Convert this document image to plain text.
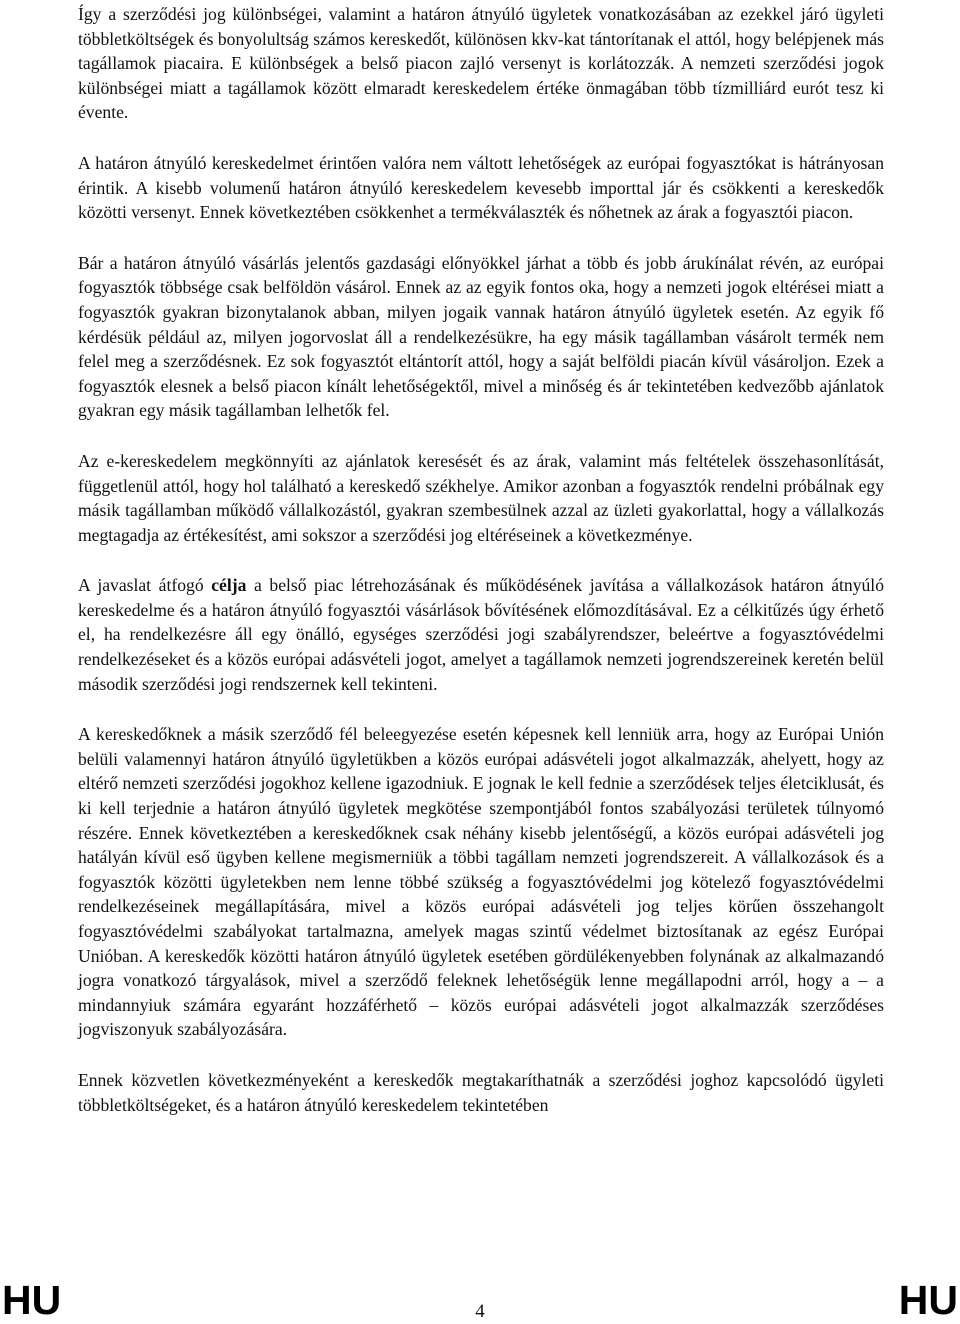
Így a szerződési jog különbségei, valamint a határon átnyúló ügyletek vonatkozásában az ezekkel járó ügyleti többletköltségek és bonyolultság számos kereskedőt, különösen kkv-kat tántorítanak el attól, hogy belépjenek más tagállamok piacaira. E különbségek a belső piacon zajló versenyt is korlátozzák. A nemzeti szerződési jogok különbségei miatt a tagállamok között elmaradt kereskedelem értéke önmagában több tízmilliárd eurót tesz ki évente.

A határon átnyúló kereskedelmet érintően valóra nem váltott lehetőségek az európai fogyasztókat is hátrányosan érintik. A kisebb volumenű határon átnyúló kereskedelem kevesebb importtal jár és csökkenti a kereskedők közötti versenyt. Ennek következtében csökkenhet a termékválaszték és nőhetnek az árak a fogyasztói piacon.

Bár a határon átnyúló vásárlás jelentős gazdasági előnyökkel járhat a több és jobb árukínálat révén, az európai fogyasztók többsége csak belföldön vásárol. Ennek az az egyik fontos oka, hogy a nemzeti jogok eltérései miatt a fogyasztók gyakran bizonytalanok abban, milyen jogaik vannak határon átnyúló ügyletek esetén. Az egyik fő kérdésük például az, milyen jogorvoslat áll a rendelkezésükre, ha egy másik tagállamban vásárolt termék nem felel meg a szerződésnek. Ez sok fogyasztót eltántorít attól, hogy a saját belföldi piacán kívül vásároljon. Ezek a fogyasztók elesnek a belső piacon kínált lehetőségektől, mivel a minőség és ár tekintetében kedvezőbb ajánlatok gyakran egy másik tagállamban lelhetők fel.

Az e-kereskedelem megkönnyíti az ajánlatok keresését és az árak, valamint más feltételek összehasonlítását, függetlenül attól, hogy hol található a kereskedő székhelye. Amikor azonban a fogyasztók rendelni próbálnak egy másik tagállamban működő vállalkozástól, gyakran szembesülnek azzal az üzleti gyakorlattal, hogy a vállalkozás megtagadja az értékesítést, ami sokszor a szerződési jog eltéréseinek a következménye.

A javaslat átfogó célja a belső piac létrehozásának és működésének javítása a vállalkozások határon átnyúló kereskedelme és a határon átnyúló fogyasztói vásárlások bővítésének előmozdításával. Ez a célkitűzés úgy érhető el, ha rendelkezésre áll egy önálló, egységes szerződési jogi szabályrendszer, beleértve a fogyasztóvédelmi rendelkezéseket és a közös európai adásvételi jogot, amelyet a tagállamok nemzeti jogrendszereinek keretén belül második szerződési jogi rendszernek kell tekinteni.

A kereskedőknek a másik szerződő fél beleegyezése esetén képesnek kell lenniük arra, hogy az Európai Unión belüli valamennyi határon átnyúló ügyletükben a közös európai adásvételi jogot alkalmazzák, ahelyett, hogy az eltérő nemzeti szerződési jogokhoz kellene igazodniuk. E jognak le kell fednie a szerződések teljes életciklusát, és ki kell terjednie a határon átnyúló ügyletek megkötése szempontjából fontos szabályozási területek túlnyomó részére. Ennek következtében a kereskedőknek csak néhány kisebb jelentőségű, a közös európai adásvételi jog hatályán kívül eső ügyben kellene megismerniük a többi tagállam nemzeti jogrendszereit. A vállalkozások és a fogyasztók közötti ügyletekben nem lenne többé szükség a fogyasztóvédelmi jog kötelező fogyasztóvédelmi rendelkezéseinek megállapítására, mivel a közös európai adásvételi jog teljes körűen összehangolt fogyasztóvédelmi szabályokat tartalmazna, amelyek magas szintű védelmet biztosítanak az egész Európai Unióban. A kereskedők közötti határon átnyúló ügyletek esetében gördülékenyebben folynának az alkalmazandó jogra vonatkozó tárgyalások, mivel a szerződő feleknek lehetőségük lenne megállapodni arról, hogy a – a mindannyiuk számára egyaránt hozzáférhető – közös európai adásvételi jogot alkalmazzák szerződéses jogviszonyuk szabályozására.

Ennek közvetlen következményeként a kereskedők megtakaríthatnák a szerződési joghoz kapcsolódó ügyleti többletköltségeket, és a határon átnyúló kereskedelem tekintetében

HU	4	HU
